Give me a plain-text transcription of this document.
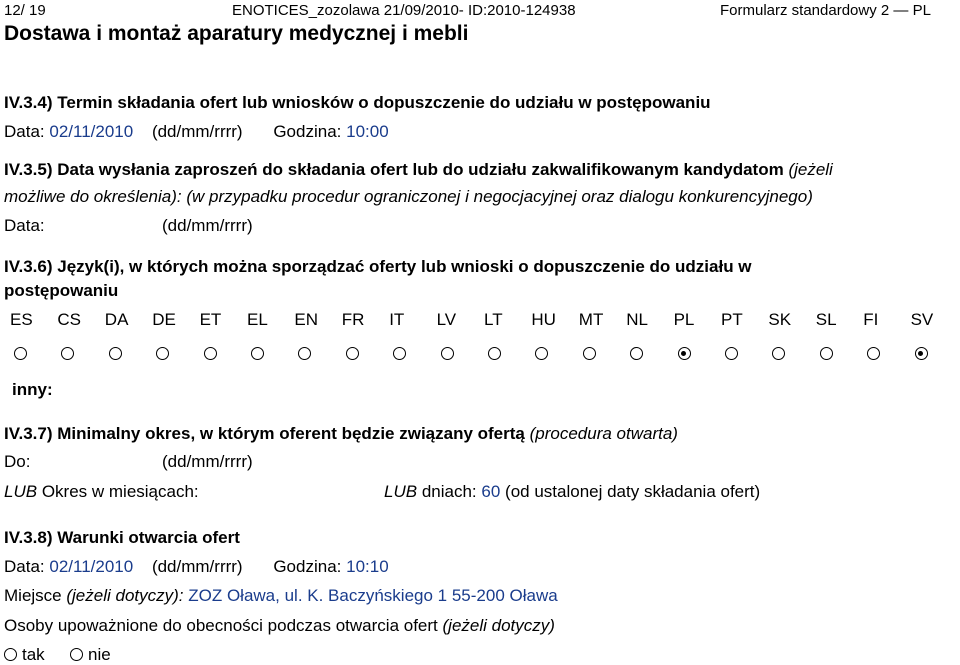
12/ 19	ENOTICES_zozolawa 21/09/2010- ID:2010-124938	Formularz standardowy 2 — PL
Dostawa i montaż aparatury medycznej i mebli
IV.3.4) Termin składania ofert lub wniosków o dopuszczenie do udziału w postępowaniu
Data: 02/11/2010 (dd/mm/rrrr) Godzina: 10:00
IV.3.5) Data wysłania zaproszeń do składania ofert lub do udziału zakwalifikowanym kandydatom (jeżeli
możliwe do określenia): (w przypadku procedur ograniczonej i negocjacyjnej oraz dialogu konkurencyjnego)
Data:	(dd/mm/rrrr)
IV.3.6) Język(i), w których można sporządzać oferty lub wnioski o dopuszczenie do udziału w
postępowaniu
ES CS DA DE ET EL EN FR IT LV LT HU MT NL PL PT SK SL FI SV
inny:
IV.3.7) Minimalny okres, w którym oferent będzie związany ofertą (procedura otwarta)
Do:	(dd/mm/rrrr)
LUB Okres w miesiącach:	LUB dniach: 60 (od ustalonej daty składania ofert)
IV.3.8) Warunki otwarcia ofert
Data: 02/11/2010 (dd/mm/rrrr) Godzina: 10:10
Miejsce (jeżeli dotyczy): ZOZ Oława, ul. K. Baczyńskiego 1 55-200 Oława
Osoby upoważnione do obecności podczas otwarcia ofert (jeżeli dotyczy)
tak	nie
